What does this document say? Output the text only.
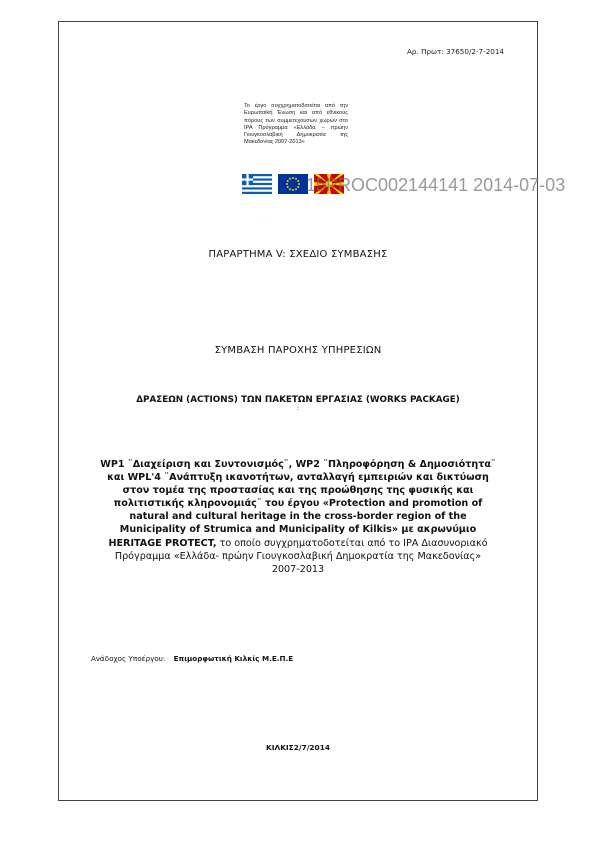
Αρ. Πρωτ: 37650/2-7-2014
Το έργο συγχρηματοδοτείται από την Ευρωπαϊκή Ένωση και από εθνικούς πόρους των συμμετεχουσών χωρών στο ΙΡΑ Πρόγραμμα «Ελλάδα – πρώην Γιουγκοσλαβική Δημοκρατία της Μακεδονίας 2007-2013»
15PROC002144141 2014-07-03
ΠΑΡΑΡΤΗΜΑ V: ΣΧΕΔΙΟ ΣΥΜΒΑΣΗΣ
ΣΥΜΒΑΣΗ ΠΑΡΟΧΗΣ ΥΠΗΡΕΣΙΩΝ
ΔΡΑΣΕΩΝ (ACTIONS) ΤΩΝ ΠΑΚΕΤΩΝ ΕΡΓΑΣΙΑΣ (WORKS PACKAGE)
:
WP1 ¨Διαχείριση και Συντονισμός¨, WP2 ¨Πληροφόρηση & Δημοσιότητα¨ και WPL'4 ¨Ανάπτυξη ικανοτήτων, ανταλλαγή εμπειριών και δικτύωση στον τομέα της προστασίας και της προώθησης της φυσικής και πολιτιστικής κληρονομιάς¨ του έργου «Protection and promotion of natural and cultural heritage in the cross-border region of the Municipality of Strumica and Municipality of Kilkis» με ακρωνύμιο HERITAGE PROTECT, το οποίο συγχρηματοδοτείται από το ΙΡΑ Διασυνοριακό Πρόγραμμα «Ελλάδα- πρώην Γιουγκοσλαβική Δημοκρατία της Μακεδονίας» 2007-2013
Ανάδοχος Υποέργου: Επιμορφωτική Κιλκίς Μ.Ε.Π.Ε
ΚΙΛΚΙΣ2/7/2014
